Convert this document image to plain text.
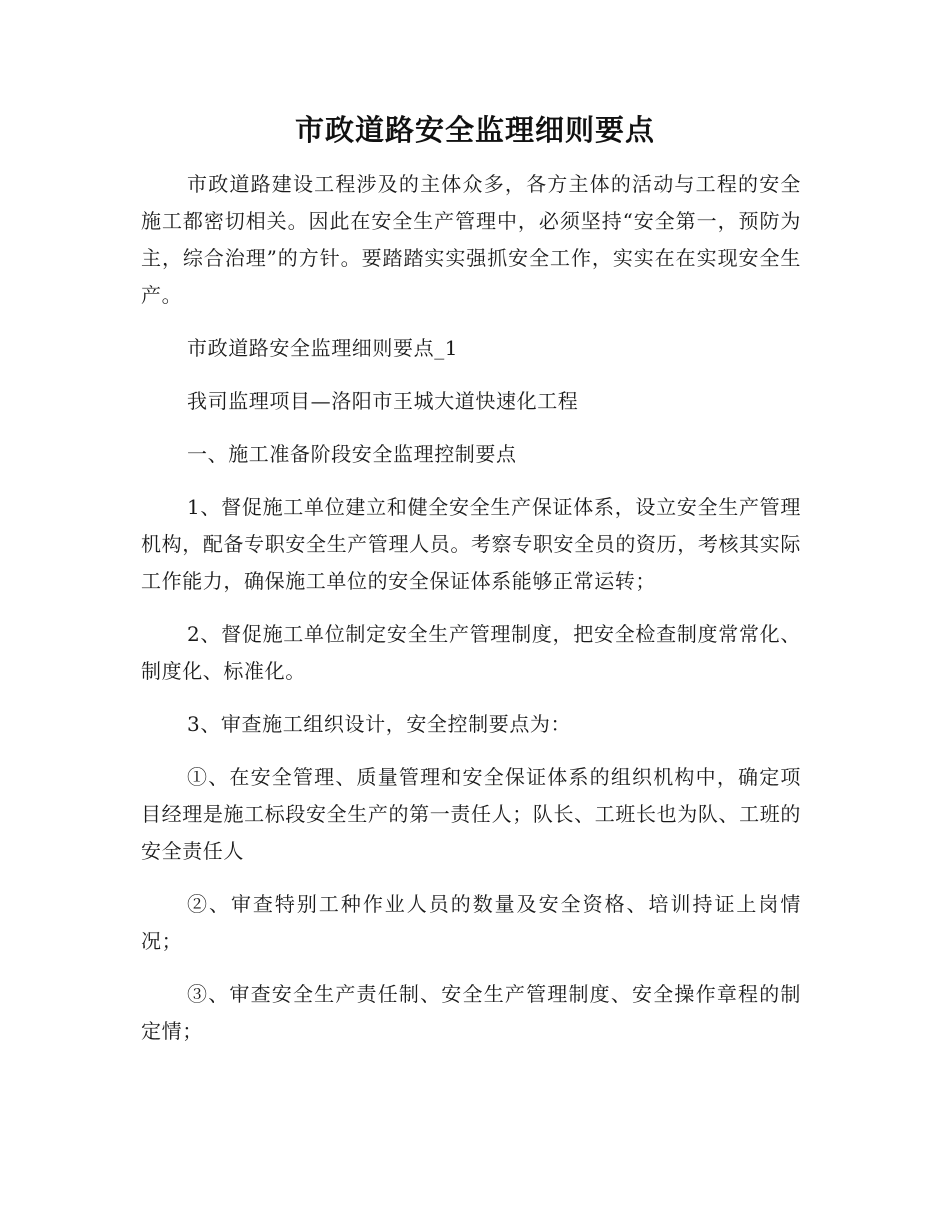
市政道路安全监理细则要点

市政道路建设工程涉及的主体众多，各方主体的活动与工程的安全施工都密切相关。因此在安全生产管理中，必须坚持“安全第一，预防为主，综合治理”的方针。要踏踏实实强抓安全工作，实实在在实现安全生产。

市政道路安全监理细则要点_1

我司监理项目—洛阳市王城大道快速化工程

一、施工准备阶段安全监理控制要点

1、督促施工单位建立和健全安全生产保证体系，设立安全生产管理机构，配备专职安全生产管理人员。考察专职安全员的资历，考核其实际工作能力，确保施工单位的安全保证体系能够正常运转；

2、督促施工单位制定安全生产管理制度，把安全检查制度常常化、制度化、标准化。

3、审查施工组织设计，安全控制要点为：

①、在安全管理、质量管理和安全保证体系的组织机构中，确定项目经理是施工标段安全生产的第一责任人；队长、工班长也为队、工班的安全责任人

②、审查特别工种作业人员的数量及安全资格、培训持证上岗情况；

③、审查安全生产责任制、安全生产管理制度、安全操作章程的制定情；
